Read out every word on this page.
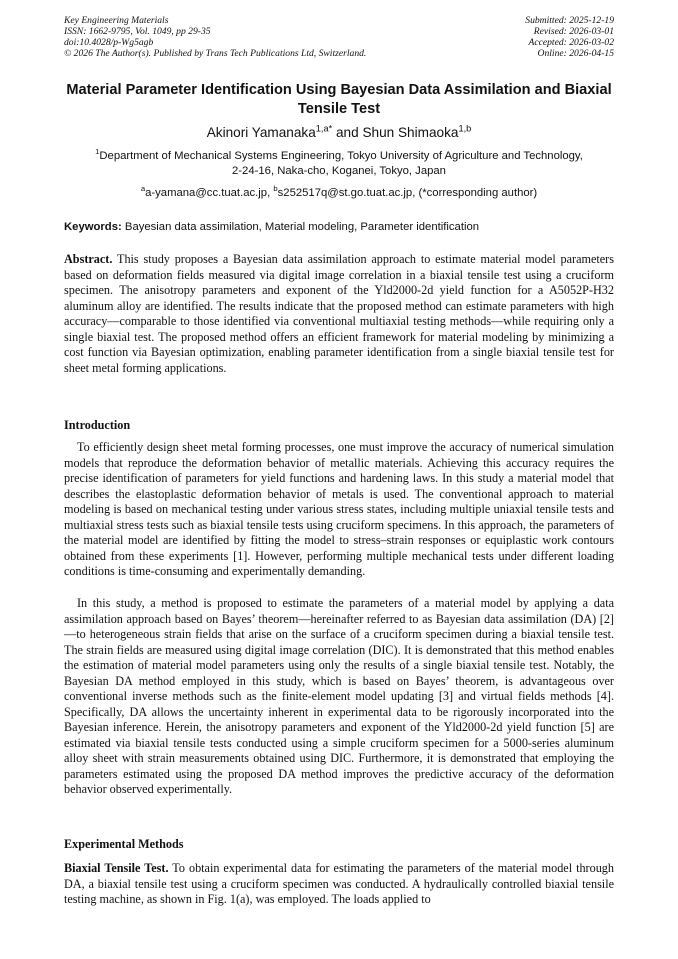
Key Engineering Materials
ISSN: 1662-9795, Vol. 1049, pp 29-35
doi:10.4028/p-Wg5agb
© 2026 The Author(s). Published by Trans Tech Publications Ltd, Switzerland.
Submitted: 2025-12-19
Revised: 2026-03-01
Accepted: 2026-03-02
Online: 2026-04-15
Material Parameter Identification Using Bayesian Data Assimilation and Biaxial Tensile Test
Akinori Yamanaka$^{1,a*}$ and Shun Shimaoka$^{1,b}$
$^1$Department of Mechanical Systems Engineering, Tokyo University of Agriculture and Technology,
2-24-16, Naka-cho, Koganei, Tokyo, Japan
$^a$a-yamana@cc.tuat.ac.jp, $^b$s252517q@st.go.tuat.ac.jp, (*corresponding author)
Keywords: Bayesian data assimilation, Material modeling, Parameter identification

Abstract. This study proposes a Bayesian data assimilation approach to estimate material model parameters based on deformation fields measured via digital image correlation in a biaxial tensile test using a cruciform specimen. The anisotropy parameters and exponent of the Yld2000-2d yield function for a A5052P-H32 aluminum alloy are identified. The results indicate that the proposed method can estimate parameters with high accuracy—comparable to those identified via conventional multiaxial testing methods—while requiring only a single biaxial test. The proposed method offers an efficient framework for material modeling by minimizing a cost function via Bayesian optimization, enabling parameter identification from a single biaxial tensile test for sheet metal forming applications.

Introduction

To efficiently design sheet metal forming processes, one must improve the accuracy of numerical simulation models that reproduce the deformation behavior of metallic materials. Achieving this accuracy requires the precise identification of parameters for yield functions and hardening laws. In this study a material model that describes the elastoplastic deformation behavior of metals is used. The conventional approach to material modeling is based on mechanical testing under various stress states, including multiple uniaxial tensile tests and multiaxial stress tests such as biaxial tensile tests using cruciform specimens. In this approach, the parameters of the material model are identified by fitting the model to stress–strain responses or equiplastic work contours obtained from these experiments [1]. However, performing multiple mechanical tests under different loading conditions is time-consuming and experimentally demanding.

In this study, a method is proposed to estimate the parameters of a material model by applying a data assimilation approach based on Bayes’ theorem—hereinafter referred to as Bayesian data assimilation (DA) [2]—to heterogeneous strain fields that arise on the surface of a cruciform specimen during a biaxial tensile test. The strain fields are measured using digital image correlation (DIC). It is demonstrated that this method enables the estimation of material model parameters using only the results of a single biaxial tensile test. Notably, the Bayesian DA method employed in this study, which is based on Bayes’ theorem, is advantageous over conventional inverse methods such as the finite-element model updating [3] and virtual fields methods [4]. Specifically, DA allows the uncertainty inherent in experimental data to be rigorously incorporated into the Bayesian inference. Herein, the anisotropy parameters and exponent of the Yld2000-2d yield function [5] are estimated via biaxial tensile tests conducted using a simple cruciform specimen for a 5000-series aluminum alloy sheet with strain measurements obtained using DIC. Furthermore, it is demonstrated that employing the parameters estimated using the proposed DA method improves the predictive accuracy of the deformation behavior observed experimentally.

Experimental Methods

Biaxial Tensile Test. To obtain experimental data for estimating the parameters of the material model through DA, a biaxial tensile test using a cruciform specimen was conducted. A hydraulically controlled biaxial tensile testing machine, as shown in Fig. 1(a), was employed. The loads applied to
